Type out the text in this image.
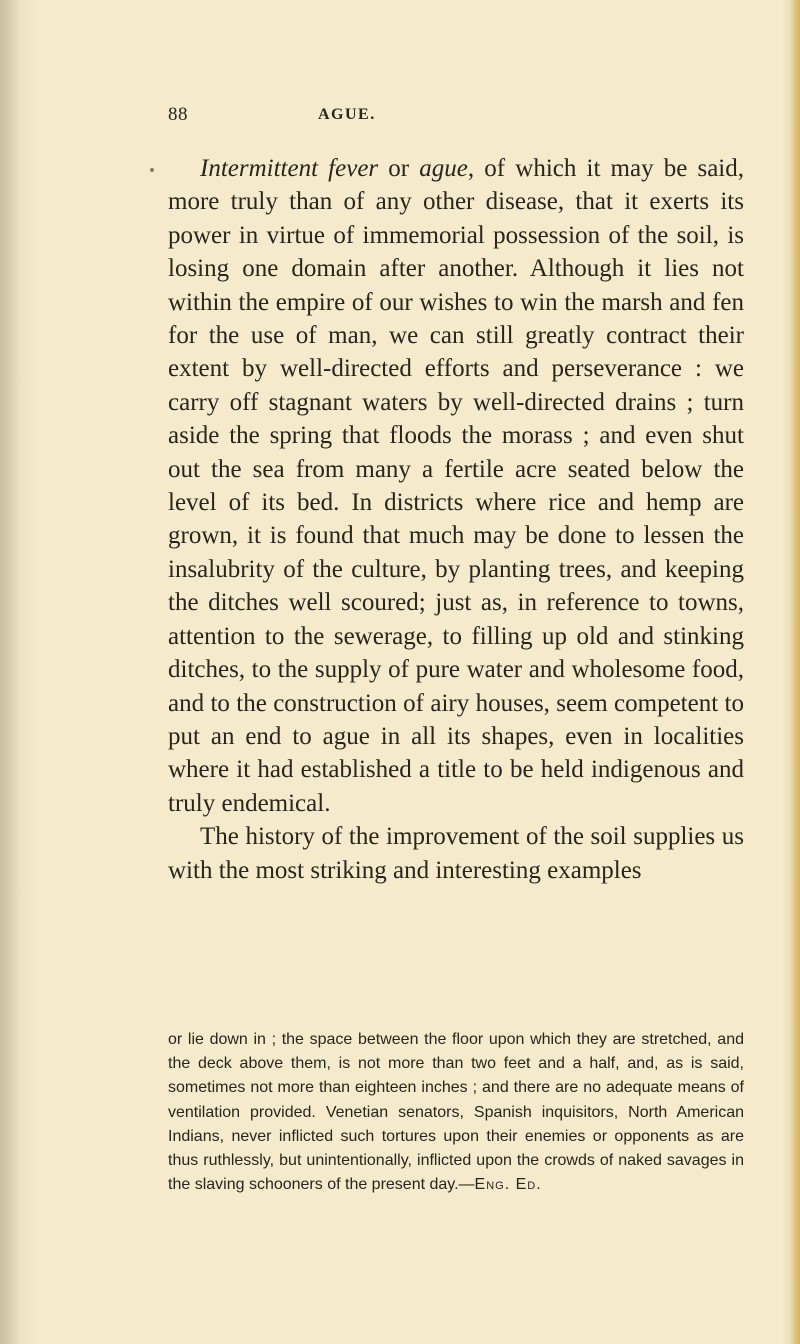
88	AGUE.

Intermittent fever or ague, of which it may be said, more truly than of any other disease, that it exerts its power in virtue of immemorial possession of the soil, is losing one domain after another. Although it lies not within the empire of our wishes to win the marsh and fen for the use of man, we can still greatly contract their extent by well-directed efforts and perseverance : we carry off stagnant waters by well-directed drains ; turn aside the spring that floods the morass ; and even shut out the sea from many a fertile acre seated below the level of its bed. In districts where rice and hemp are grown, it is found that much may be done to lessen the insalubrity of the culture, by planting trees, and keeping the ditches well scoured; just as, in reference to towns, attention to the sewerage, to filling up old and stinking ditches, to the supply of pure water and wholesome food, and to the construction of airy houses, seem competent to put an end to ague in all its shapes, even in localities where it had established a title to be held indigenous and truly endemical.

The history of the improvement of the soil supplies us with the most striking and interesting examples

or lie down in ; the space between the floor upon which they are stretched, and the deck above them, is not more than two feet and a half, and, as is said, sometimes not more than eighteen inches ; and there are no adequate means of ventilation provided. Venetian senators, Spanish inquisitors, North American Indians, never inflicted such tortures upon their enemies or opponents as are thus ruthlessly, but unintentionally, inflicted upon the crowds of naked savages in the slaving schooners of the present day.—Eng. Ed.
